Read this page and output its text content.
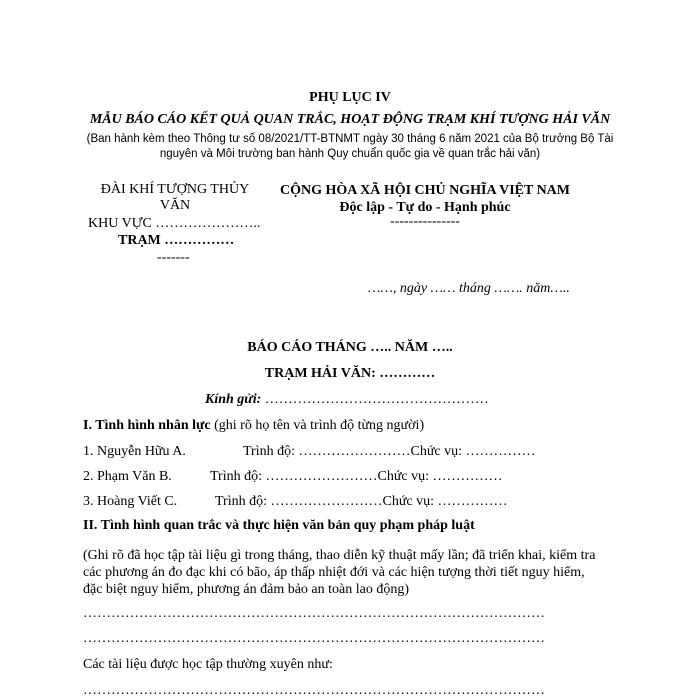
PHỤ LỤC IV
MẪU BÁO CÁO KẾT QUẢ QUAN TRẮC, HOẠT ĐỘNG TRẠM KHÍ TƯỢNG HẢI VĂN
(Ban hành kèm theo Thông tư số 08/2021/TT-BTNMT ngày 30 tháng 6 năm 2021 của Bộ trưởng Bộ Tài nguyên và Môi trường ban hành Quy chuẩn quốc gia về quan trắc hải văn)
ĐÀI KHÍ TƯỢNG THỦY
VĂN
KHU VỰC …………………..
TRẠM ……………
-------
CỘNG HÒA XÃ HỘI CHỦ NGHĨA VIỆT NAM
Độc lập - Tự do - Hạnh phúc
---------------
……, ngày …… tháng ……. năm…..
BÁO CÁO THÁNG ….. NĂM …..
TRẠM HẢI VĂN: …………
Kính gửi: …………………………………………
I. Tình hình nhân lực (ghi rõ họ tên và trình độ từng người)
1. Nguyễn Hữu A.	Trình độ: ……………………Chức vụ: ……………
2. Phạm Văn B.	Trình độ: ……………………Chức vụ: ……………
3. Hoàng Viết C.	Trình độ: ……………………Chức vụ: ……………
II. Tình hình quan trắc và thực hiện văn bản quy phạm pháp luật
(Ghi rõ đã học tập tài liệu gì trong tháng, thao diễn kỹ thuật mấy lần; đã triển khai, kiểm tra các phương án đo đạc khi có bão, áp thấp nhiệt đới và các hiện tượng thời tiết nguy hiểm, đặc biệt nguy hiểm, phương án đảm bảo an toàn lao động)
………………………………………………………………………………………
………………………………………………………………………………………
Các tài liệu được học tập thường xuyên như:
………………………………………………………………………………………
